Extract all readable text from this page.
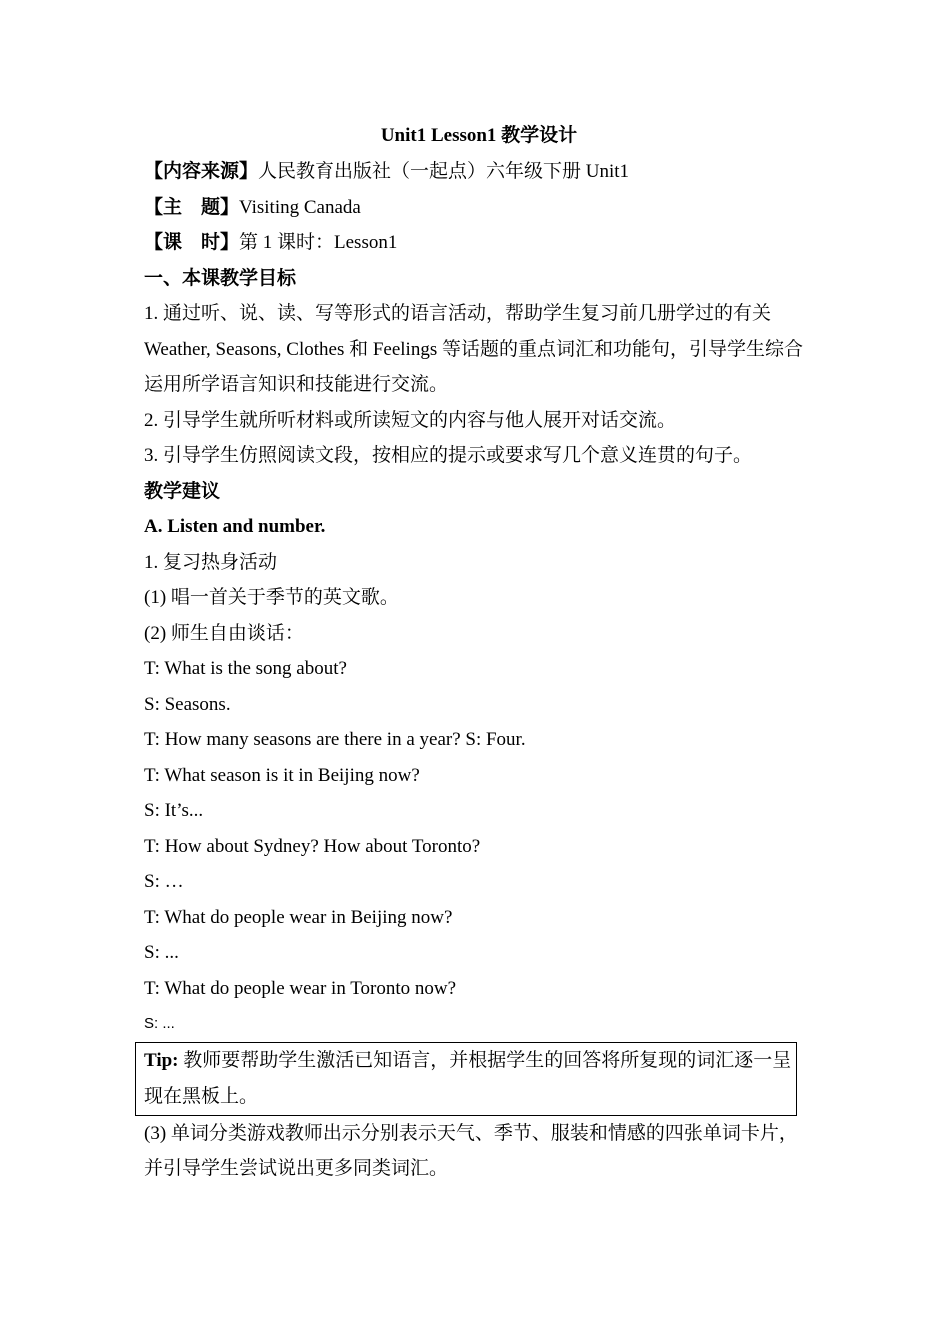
Unit1 Lesson1 教学设计
【内容来源】人民教育出版社（一起点）六年级下册 Unit1
【主　题】Visiting Canada
【课　时】第 1 课时：Lesson1
一、本课教学目标
1. 通过听、说、读、写等形式的语言活动，帮助学生复习前几册学过的有关
Weather, Seasons, Clothes 和 Feelings 等话题的重点词汇和功能句，引导学生综合
运用所学语言知识和技能进行交流。
2. 引导学生就所听材料或所读短文的内容与他人展开对话交流。
3. 引导学生仿照阅读文段，按相应的提示或要求写几个意义连贯的句子。
教学建议
A. Listen and number.
1. 复习热身活动
(1) 唱一首关于季节的英文歌。
(2) 师生自由谈话：
T: What is the song about?
S: Seasons.
T: How many seasons are there in a year? S: Four.
T: What season is it in Beijing now?
S: It’s...
T: How about Sydney? How about Toronto?
S: …
T: What do people wear in Beijing now?
S: ...
T: What do people wear in Toronto now?
S: ...
Tip: 教师要帮助学生激活已知语言，并根据学生的回答将所复现的词汇逐一呈
现在黑板上。
(3) 单词分类游戏教师出示分别表示天气、季节、服装和情感的四张单词卡片，
并引导学生尝试说出更多同类词汇。
